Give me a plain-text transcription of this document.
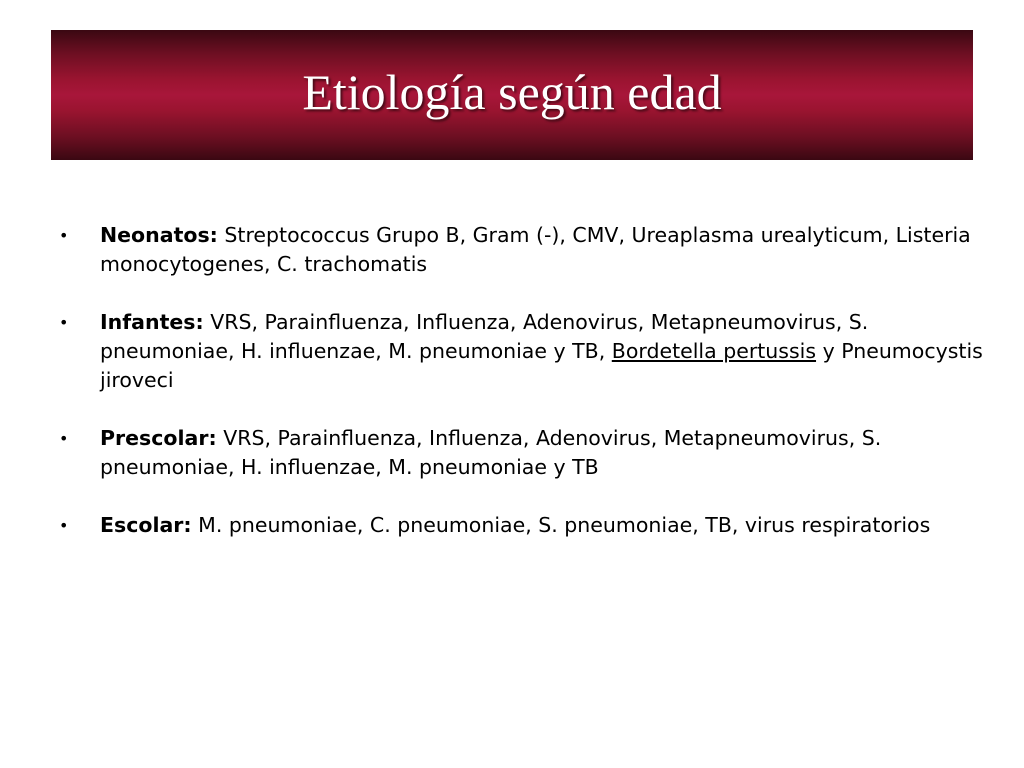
Etiología según edad
•	Neonatos: Streptococcus Grupo B, Gram (-), CMV, Ureaplasma urealyticum, Listeria monocytogenes, C. trachomatis
•	Infantes: VRS, Parainfluenza, Influenza, Adenovirus, Metapneumovirus, S. pneumoniae, H. influenzae, M. pneumoniae y TB, Bordetella pertussis y Pneumocystis jiroveci
•	Prescolar: VRS, Parainfluenza, Influenza, Adenovirus, Metapneumovirus, S. pneumoniae, H. influenzae, M. pneumoniae y TB
•	Escolar: M. pneumoniae, C. pneumoniae, S. pneumoniae, TB, virus respiratorios
